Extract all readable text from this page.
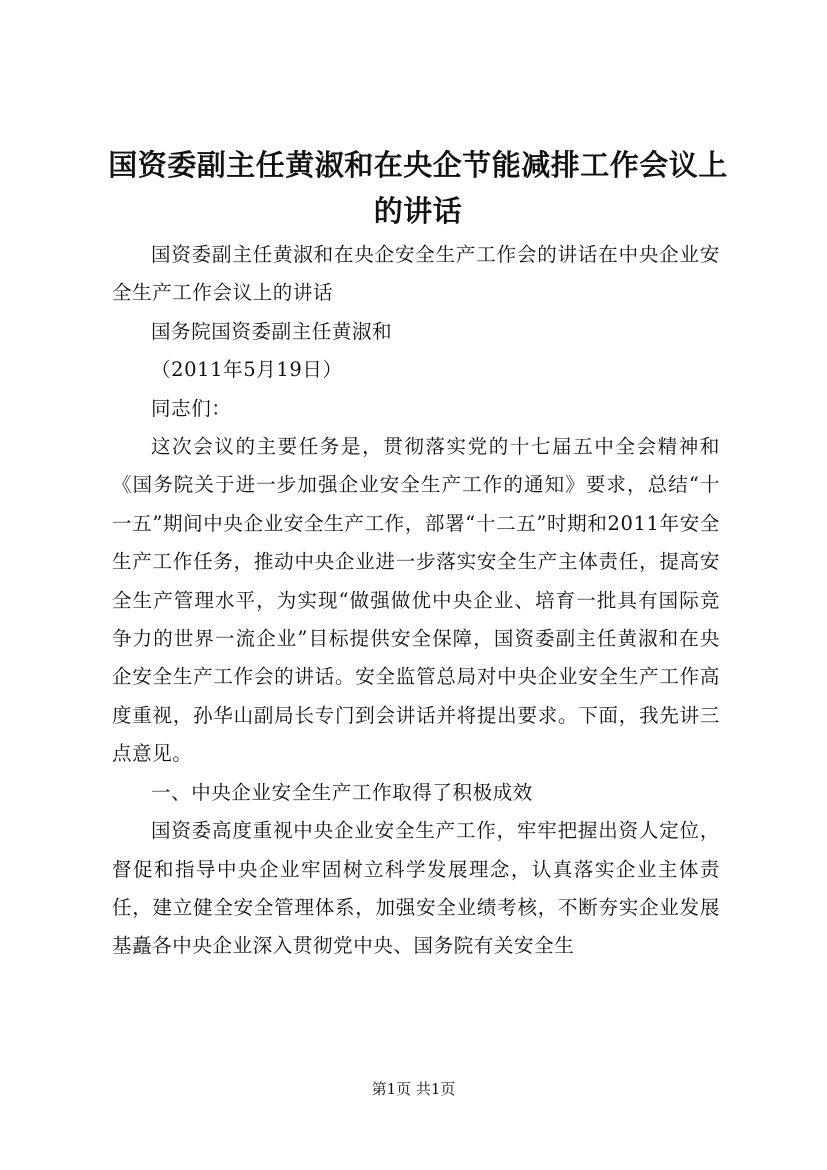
国资委副主任黄淑和在央企节能减排工作会议上的讲话

国资委副主任黄淑和在央企安全生产工作会的讲话在中央企业安全生产工作会议上的讲话

国务院国资委副主任黄淑和

（2011年5月19日）

同志们：

这次会议的主要任务是，贯彻落实党的十七届五中全会精神和《国务院关于进一步加强企业安全生产工作的通知》要求，总结“十一五”期间中央企业安全生产工作，部署“十二五”时期和2011年安全生产工作任务，推动中央企业进一步落实安全生产主体责任，提高安全生产管理水平，为实现“做强做优中央企业、培育一批具有国际竞争力的世界一流企业”目标提供安全保障，国资委副主任黄淑和在央企安全生产工作会的讲话。安全监管总局对中央企业安全生产工作高度重视，孙华山副局长专门到会讲话并将提出要求。下面，我先讲三点意见。

一、中央企业安全生产工作取得了积极成效

国资委高度重视中央企业安全生产工作，牢牢把握出资人定位，督促和指导中央企业牢固树立科学发展理念，认真落实企业主体责任，建立健全安全管理体系，加强安全业绩考核，不断夯实企业发展基矗各中央企业深入贯彻党中央、国务院有关安全生

第1页 共1页
